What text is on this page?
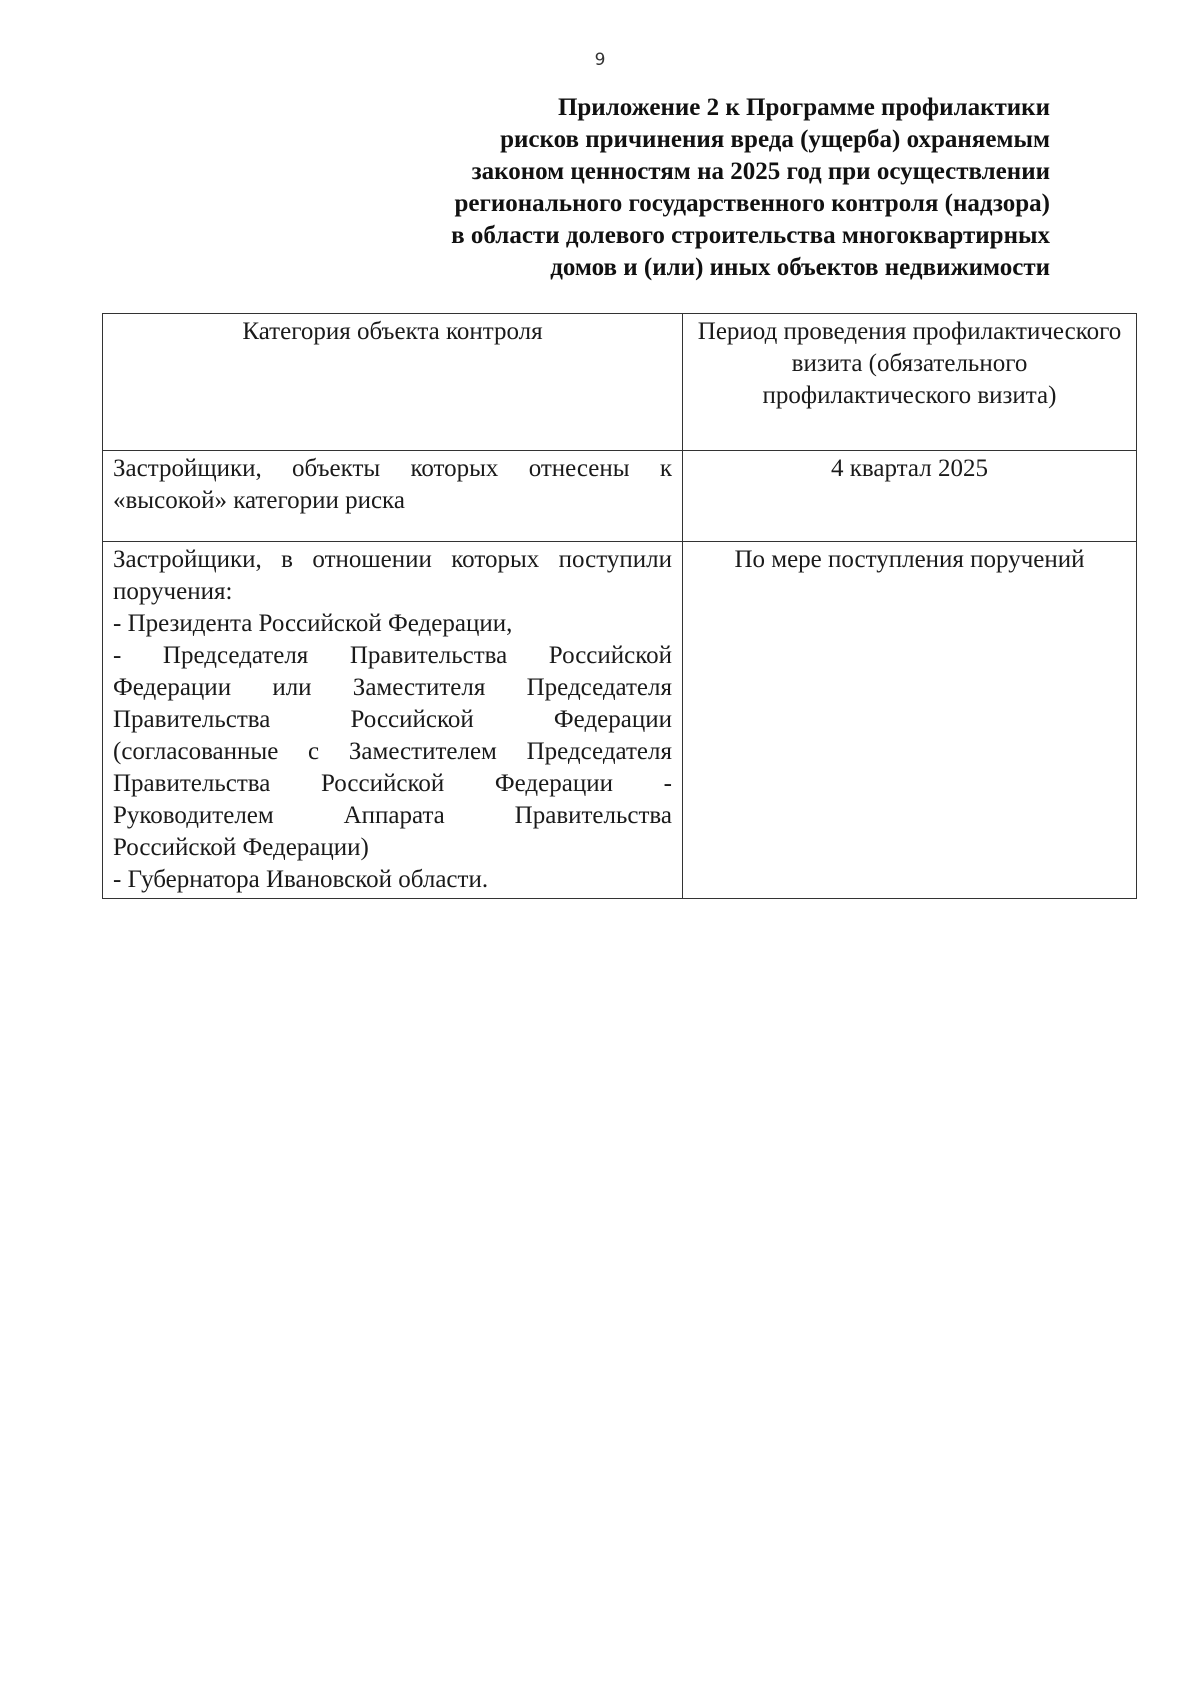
9
Приложение 2 к Программе профилактики
рисков причинения вреда (ущерба) охраняемым
законом ценностям на 2025 год при осуществлении
регионального государственного контроля (надзора)
в области долевого строительства многоквартирных
домов и (или) иных объектов недвижимости
Категория объекта контроля	Период проведения профилактического визита (обязательного профилактического визита)
Застройщики, объекты которых отнесены к «высокой» категории риска	4 квартал 2025

Застройщики, в отношении которых поступили поручения:
- Президента Российской Федерации,
- Председателя Правительства Российской Федерации или Заместителя Председателя Правительства Российской Федерации (согласованные с Заместителем Председателя Правительства Российской Федерации - Руководителем Аппарата Правительства Российской Федерации)
- Губернатора Ивановской области.	По мере поступления поручений
